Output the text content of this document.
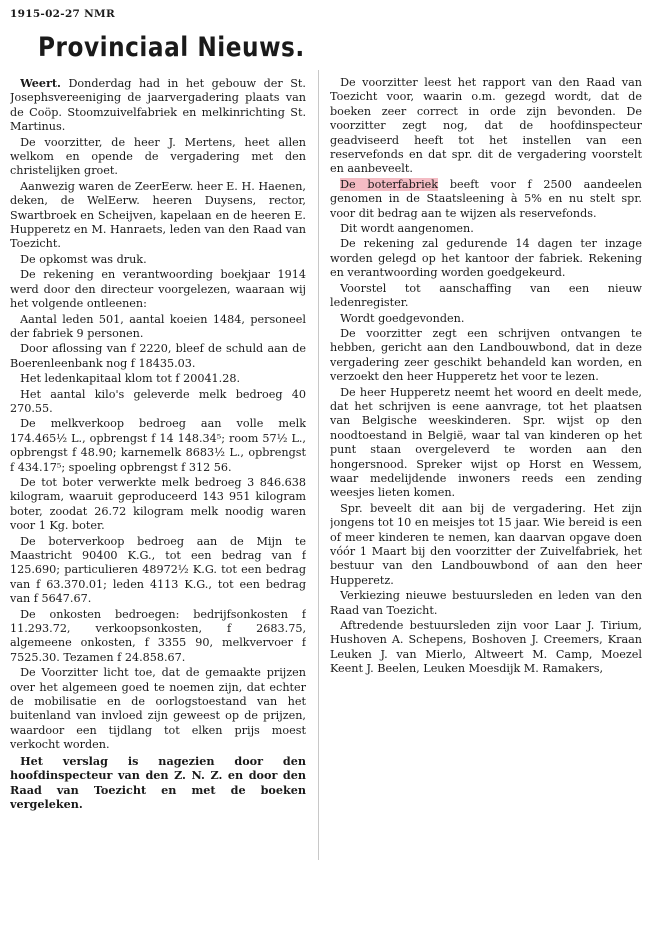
1915-02-27 NMR
Provinciaal Nieuws.

Weert. Donderdag had in het gebouw der St. Josephsvereeniging de jaarvergadering plaats van de Coöp. Stoomzuivelfabriek en melkinrichting St. Martinus.

De voorzitter, de heer J. Mertens, heet allen welkom en opende de vergadering met den christelijken groet.

Aanwezig waren de ZeerEerw. heer E. H. Haenen, deken, de WelEerw. heeren Duysens, rector, Swartbroek en Scheijven, kapelaan en de heeren E. Hupperetz en M. Hanraets, leden van den Raad van Toezicht.

De opkomst was druk.

De rekening en verantwoording boekjaar 1914 werd door den directeur voorgelezen, waaraan wij het volgende ontleenen:

Aantal leden 501, aantal koeien 1484, personeel der fabriek 9 personen.

Door aflossing van f 2220, bleef de schuld aan de Boerenleenbank nog f 18435.03.

Het ledenkapitaal klom tot f 20041.28.

Het aantal kilo's geleverde melk bedroeg 40 270.55.

De melkverkoop bedroeg aan volle melk 174.465½ L., opbrengst f 14 148.34⁵; room 57½ L., opbrengst f 48.90; karnemelk 8683½ L., opbrengst f 434.17⁵; spoeling opbrengst f 312 56.

De tot boter verwerkte melk bedroeg 3 846.638 kilogram, waaruit geproduceerd 143 951 kilogram boter, zoodat 26.72 kilogram melk noodig waren voor 1 Kg. boter.

De boterverkoop bedroeg aan de Mijn te Maastricht 90400 K.G., tot een bedrag van f 125.690; particulieren 48972½ K.G. tot een bedrag van f 63.370.01; leden 4113 K.G., tot een bedrag van f 5647.67.

De onkosten bedroegen: bedrijfsonkosten f 11.293.72, verkoopsonkosten, f 2683.75, algemeene onkosten, f 3355 90, melkvervoer f 7525.30. Tezamen f 24.858.67.

De Voorzitter licht toe, dat de gemaakte prijzen over het algemeen goed te noemen zijn, dat echter de mobilisatie en de oorlogstoestand van het buitenland van invloed zijn geweest op de prijzen, waardoor een tijdlang tot elken prijs moest verkocht worden.

Het verslag is nagezien door den hoofdinspecteur van den Z. N. Z. en door den Raad van Toezicht en met de boeken vergeleken.

De voorzitter leest het rapport van den Raad van Toezicht voor, waarin o.m. gezegd wordt, dat de boeken zeer correct in orde zijn bevonden. De voorzitter zegt nog, dat de hoofdinspecteur geadviseerd heeft tot het instellen van een reservefonds en dat spr. dit de vergadering voorstelt en aanbeveelt.

De boterfabriek beeft voor f 2500 aandeelen genomen in de Staatsleening à 5% en nu stelt spr. voor dit bedrag aan te wijzen als reservefonds.

Dit wordt aangenomen.

De rekening zal gedurende 14 dagen ter inzage worden gelegd op het kantoor der fabriek. Rekening en verantwoording worden goedgekeurd.

Voorstel tot aanschaffing van een nieuw ledenregister.

Wordt goedgevonden.

De voorzitter zegt een schrijven ontvangen te hebben, gericht aan den Landbouwbond, dat in deze vergadering zeer geschikt behandeld kan worden, en verzoekt den heer Hupperetz het voor te lezen.

De heer Hupperetz neemt het woord en deelt mede, dat het schrijven is eene aanvrage, tot het plaatsen van Belgische weeskinderen. Spr. wijst op den noodtoestand in België, waar tal van kinderen op het punt staan overgeleverd te worden aan den hongersnood. Spreker wijst op Horst en Wessem, waar medelijdende inwoners reeds een zending weesjes lieten komen.

Spr. beveelt dit aan bij de vergadering. Het zijn jongens tot 10 en meisjes tot 15 jaar. Wie bereid is een of meer kinderen te nemen, kan daarvan opgave doen vóór 1 Maart bij den voorzitter der Zuivelfabriek, het bestuur van den Landbouwbond of aan den heer Hupperetz.

Verkiezing nieuwe bestuursleden en leden van den Raad van Toezicht.

Aftredende bestuursleden zijn voor Laar J. Tirium, Hushoven A. Schepens, Boshoven J. Creemers, Kraan Leuken J. van Mierlo, Altweert M. Camp, Moezel Keent J. Beelen, Leuken Moesdijk M. Ramakers,
